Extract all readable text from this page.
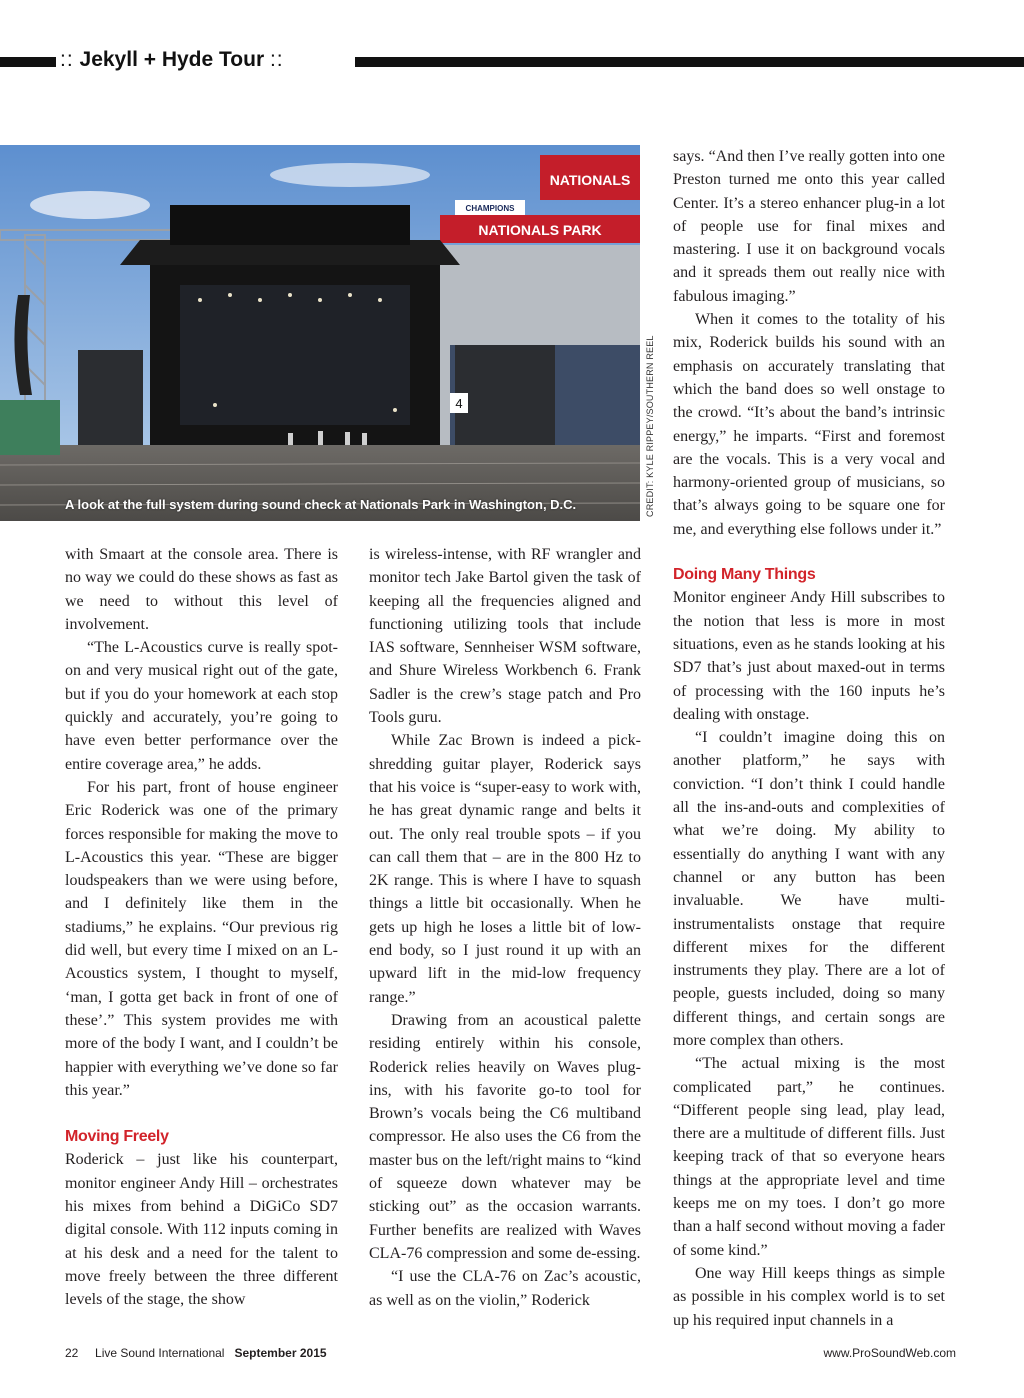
:: Jekyll + Hyde Tour ::
NATIONALS
NATIONALS PARK
CHAMPIONS
4
A look at the full system during sound check at Nationals Park in Washington, D.C.	CREDIT: KYLE RIPPEY/SOUTHERN REEL

with Smaart at the console area. There is no way we could do these shows as fast as we need to without this level of involvement.

“The L-Acoustics curve is really spot-on and very musical right out of the gate, but if you do your homework at each stop quickly and accurately, you’re going to have even better performance over the entire coverage area,” he adds.

For his part, front of house engineer Eric Roderick was one of the primary forces responsible for making the move to L-Acoustics this year. “These are bigger loudspeakers than we were using before, and I definitely like them in the stadiums,” he explains. “Our previous rig did well, but every time I mixed on an L-Acoustics system, I thought to myself, ‘man, I gotta get back in front of one of these’.” This system provides me with more of the body I want, and I couldn’t be happier with everything we’ve done so far this year.”

Moving Freely

Roderick – just like his counterpart, monitor engineer Andy Hill – orchestrates his mixes from behind a DiGiCo SD7 digital console. With 112 inputs coming in at his desk and a need for the talent to move freely between the three different levels of the stage, the show

is wireless-intense, with RF wrangler and monitor tech Jake Bartol given the task of keeping all the frequencies aligned and functioning utilizing tools that include IAS software, Sennheiser WSM software, and Shure Wireless Workbench 6. Frank Sadler is the crew’s stage patch and Pro Tools guru.

While Zac Brown is indeed a pick-shredding guitar player, Roderick says that his voice is “super-easy to work with, he has great dynamic range and belts it out. The only real trouble spots – if you can call them that – are in the 800 Hz to 2K range. This is where I have to squash things a little bit occasionally. When he gets up high he loses a little bit of low-end body, so I just round it up with an upward lift in the mid-low frequency range.”

Drawing from an acoustical palette residing entirely within his console, Roderick relies heavily on Waves plug-ins, with his favorite go-to tool for Brown’s vocals being the C6 multiband compressor. He also uses the C6 from the master bus on the left/right mains to “kind of squeeze down whatever may be sticking out” as the occasion warrants. Further benefits are realized with Waves CLA-76 compression and some de-essing.

“I use the CLA-76 on Zac’s acoustic, as well as on the violin,” Roderick

says. “And then I’ve really gotten into one Preston turned me onto this year called Center. It’s a stereo enhancer plug-in a lot of people use for final mixes and mastering. I use it on background vocals and it spreads them out really nice with fabulous imaging.”

When it comes to the totality of his mix, Roderick builds his sound with an emphasis on accurately translating that which the band does so well onstage to the crowd. “It’s about the band’s intrinsic energy,” he imparts. “First and foremost are the vocals. This is a very vocal and harmony-oriented group of musicians, so that’s always going to be square one for me, and everything else follows under it.”

Doing Many Things

Monitor engineer Andy Hill subscribes to the notion that less is more in most situations, even as he stands looking at his SD7 that’s just about maxed-out in terms of processing with the 160 inputs he’s dealing with onstage.

“I couldn’t imagine doing this on another platform,” he says with conviction. “I don’t think I could handle all the ins-and-outs and complexities of what we’re doing. My ability to essentially do anything I want with any channel or any button has been invaluable. We have multi-instrumentalists onstage that require different mixes for the different instruments they play. There are a lot of people, guests included, doing so many different things, and certain songs are more complex than others.

“The actual mixing is the most complicated part,” he continues. “Different people sing lead, play lead, there are a multitude of different fills. Just keeping track of that so everyone hears things at the appropriate level and time keeps me on my toes. I don’t go more than a half second without moving a fader of some kind.”

One way Hill keeps things as simple as possible in his complex world is to set up his required input channels in a

22 Live Sound International September 2015	www.ProSoundWeb.com
